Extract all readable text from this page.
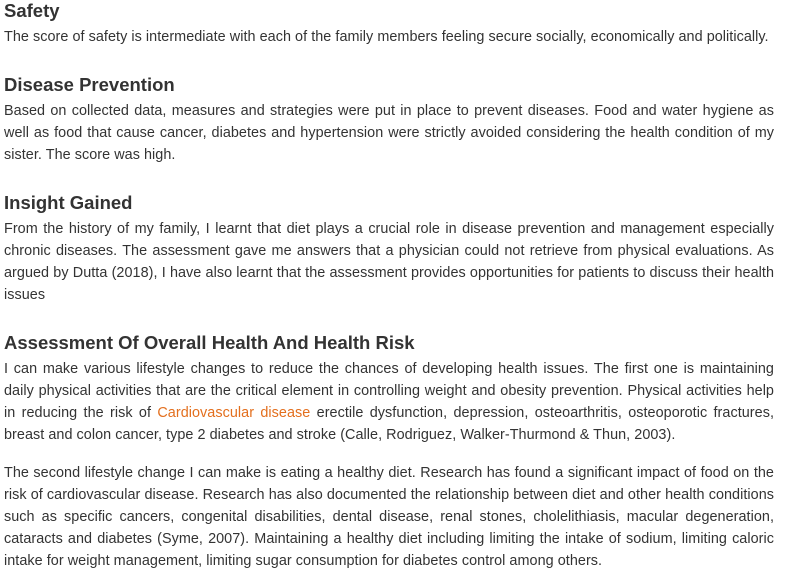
Safety

The score of safety is intermediate with each of the family members feeling secure socially, economically and politically.

Disease Prevention

Based on collected data, measures and strategies were put in place to prevent diseases. Food and water hygiene as well as food that cause cancer, diabetes and hypertension were strictly avoided considering the health condition of my sister. The score was high.

Insight Gained

From the history of my family, I learnt that diet plays a crucial role in disease prevention and management especially chronic diseases. The assessment gave me answers that a physician could not retrieve from physical evaluations. As argued by Dutta (2018), I have also learnt that the assessment provides opportunities for patients to discuss their health issues

Assessment Of Overall Health And Health Risk

I can make various lifestyle changes to reduce the chances of developing health issues. The first one is maintaining daily physical activities that are the critical element in controlling weight and obesity prevention. Physical activities help in reducing the risk of Cardiovascular disease erectile dysfunction, depression, osteoarthritis, osteoporotic fractures, breast and colon cancer, type 2 diabetes and stroke (Calle, Rodriguez, Walker-Thurmond & Thun, 2003).

The second lifestyle change I can make is eating a healthy diet. Research has found a significant impact of food on the risk of cardiovascular disease. Research has also documented the relationship between diet and other health conditions such as specific cancers, congenital disabilities, dental disease, renal stones, cholelithiasis, macular degeneration, cataracts and diabetes (Syme, 2007). Maintaining a healthy diet including limiting the intake of sodium, limiting caloric intake for weight management, limiting sugar consumption for diabetes control among others.
